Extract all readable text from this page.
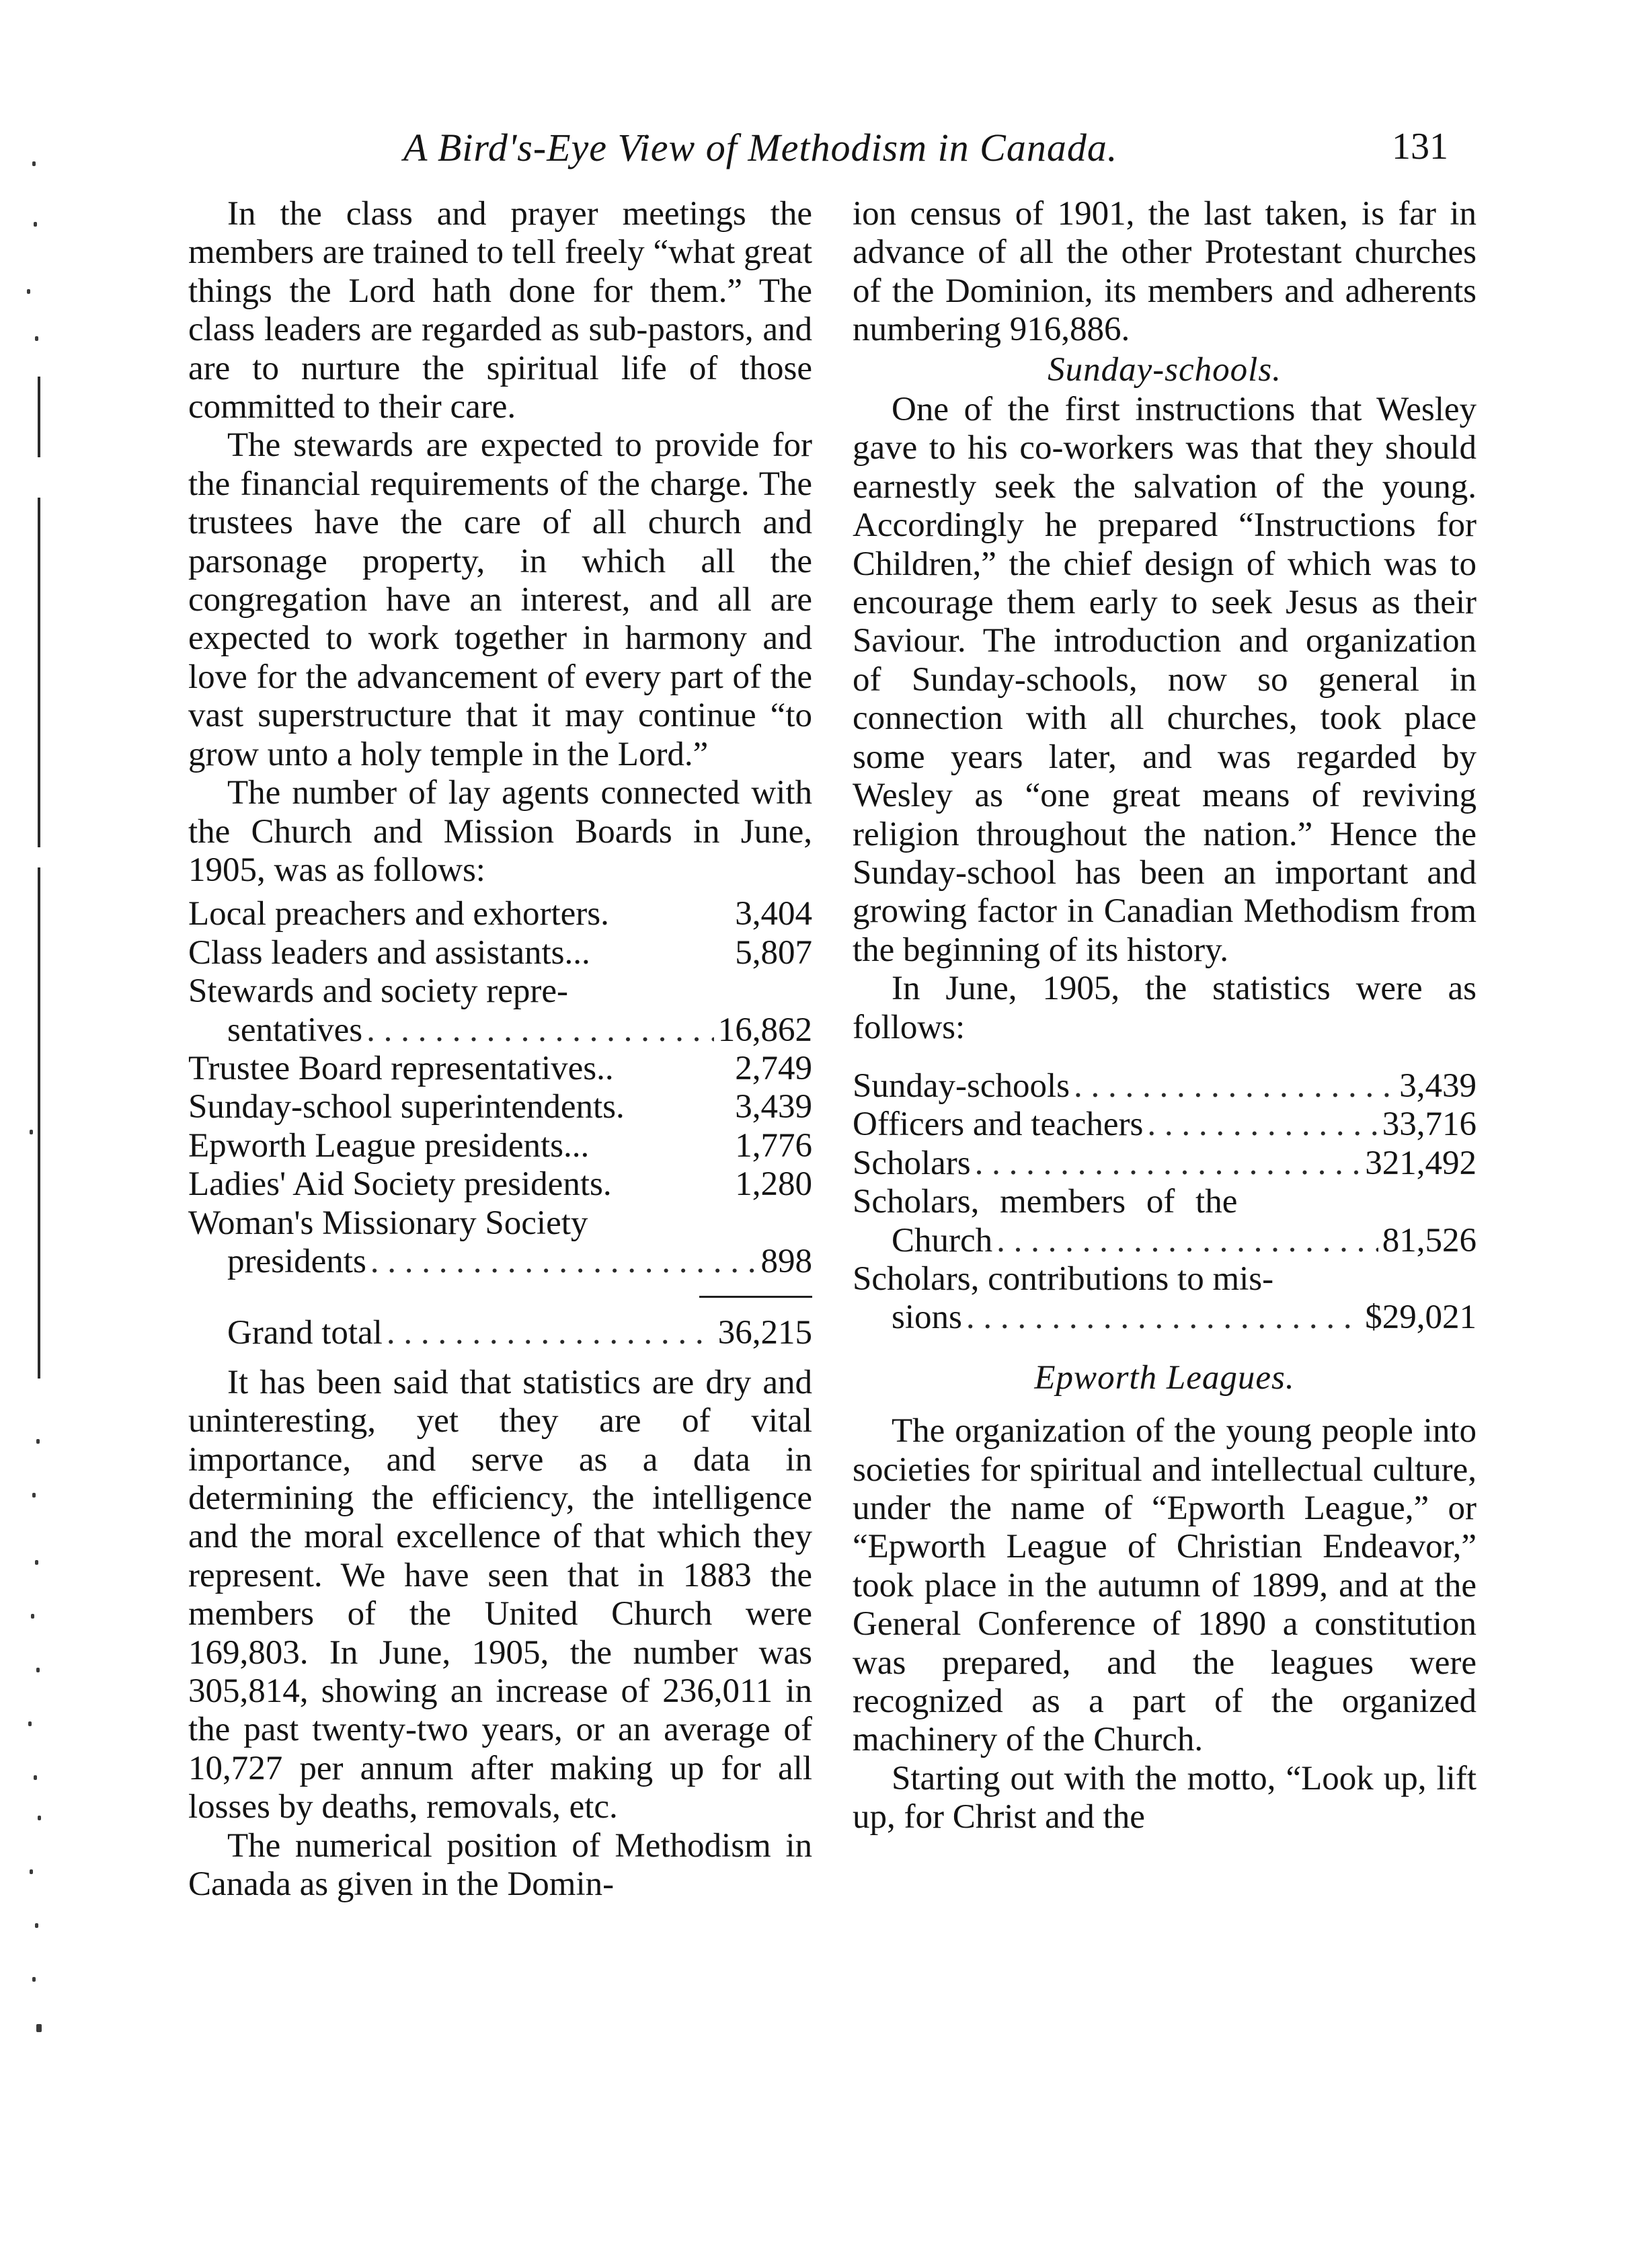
A Bird's-Eye View of Methodism in Canada.	131

In the class and prayer meetings the members are trained to tell freely “what great things the Lord hath done for them.” The class leaders are regarded as sub-pastors, and are to nurture the spiritual life of those committed to their care.

The stewards are expected to provide for the financial requirements of the charge. The trustees have the care of all church and parsonage property, in which all the congregation have an interest, and all are expected to work together in harmony and love for the advancement of every part of the vast superstructure that it may continue “to grow unto a holy temple in the Lord.”

The number of lay agents connected with the Church and Mission Boards in June, 1905, was as follows:

Local preachers and exhorters.	3,404
Class leaders and assistants...	5,807
Stewards and society repre-
sentatives . . .	16,862
Trustee Board representatives..	2,749
Sunday-school superintendents.	3,439
Epworth League presidents...	1,776
Ladies' Aid Society presidents.	1,280
Woman's Missionary Society
presidents . . .	898
Grand total . . .	36,215

It has been said that statistics are dry and uninteresting, yet they are of vital importance, and serve as a data in determining the efficiency, the intelligence and the moral excellence of that which they represent. We have seen that in 1883 the members of the United Church were 169,803. In June, 1905, the number was 305,814, showing an increase of 236,011 in the past twenty-two years, or an average of 10,727 per annum after making up for all losses by deaths, removals, etc.

The numerical position of Methodism in Canada as given in the Domin-

ion census of 1901, the last taken, is far in advance of all the other Protestant churches of the Dominion, its members and adherents numbering 916,886.

Sunday-schools.

One of the first instructions that Wesley gave to his co-workers was that they should earnestly seek the salvation of the young. Accordingly he prepared “Instructions for Children,” the chief design of which was to encourage them early to seek Jesus as their Saviour. The introduction and organization of Sunday-schools, now so general in connection with all churches, took place some years later, and was regarded by Wesley as “one great means of reviving religion throughout the nation.” Hence the Sunday-school has been an important and growing factor in Canadian Methodism from the beginning of its history.

In June, 1905, the statistics were as follows:

Sunday-schools . . .	3,439
Officers and teachers . . .	33,716
Scholars . . .	321,492
Scholars, members of the
Church . . .	81,526
Scholars, contributions to mis-
sions . . .	$29,021
Epworth Leagues.

The organization of the young people into societies for spiritual and intellectual culture, under the name of “Epworth League,” or “Epworth League of Christian Endeavor,” took place in the autumn of 1899, and at the General Conference of 1890 a constitution was prepared, and the leagues were recognized as a part of the organized machinery of the Church.

Starting out with the motto, “Look up, lift up, for Christ and the
